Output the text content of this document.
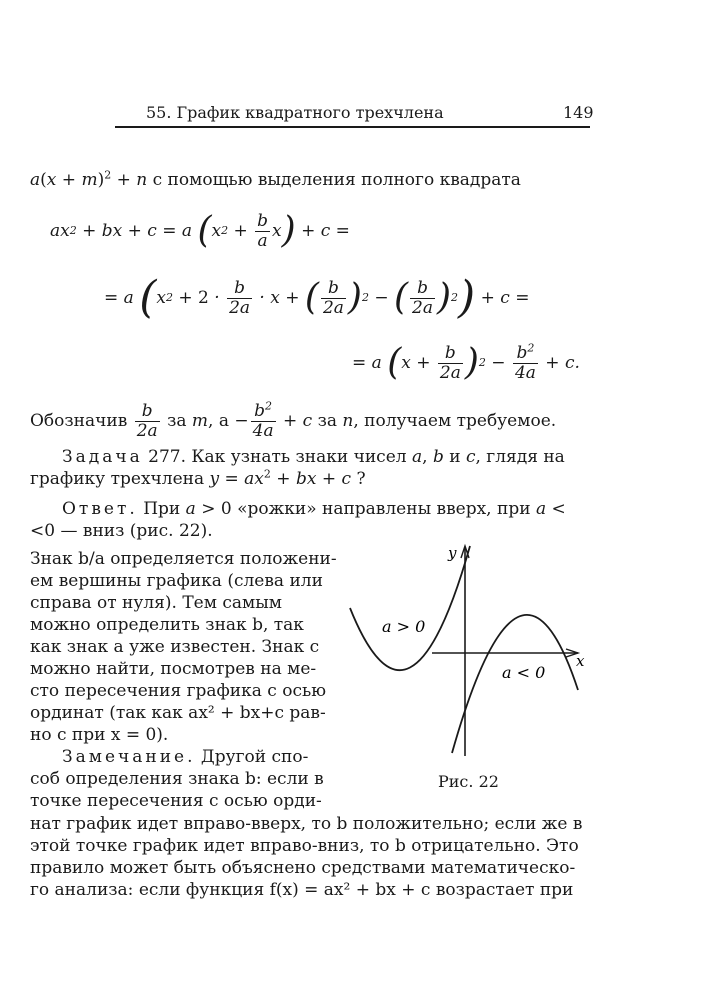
55. График квадратного трехчлена	149
$a(x + m)^2 + n$ с помощью выделения полного квадрата
ax 2 + bx + c = a ( x $2 + \frac{b}{a}$ x ) + c =
= a ( x $2 + 2 \cdot \frac{b}{2a} \cdot x$ + ( $\frac{b}{2a}$ ) 2 − ( $\frac{b}{2a}$ ) 2 ) + c =
= a ( $x + \frac{b}{2a}$ ) $2 - \frac{b^2}{4a} + c$.
Обозначив
$\frac{b}{2a}$
за
m , $а - \frac{b^2}{4a} + c$
за
n , получаем требуемое.
Задача 277. Как узнать знаки чисел a, b и c, глядя на
графику трехчлена $y = ax^2$ + bx + c ?
Ответ. При a > 0 «рожки» направлены вверх, при a <
<0 — вниз (рис. 22).
Знак b/a определяется положени-
ем вершины графика (слева или
справа от нуля). Тем самым
можно определить знак b, так
как знак a уже известен. Знак c
можно найти, посмотрев на ме-
сто пересечения графика c осью
ординат (так как ax² + bx+c рав-
но c при x = 0).
Замечание. Другой спо-
соб определения знака b: если в
точке пересечения с осью орди-
нат график идет вправо-вверх, то b положительно; если же в
этой точке график идет вправо-вниз, то b отрицательно. Это
правило может быть объяснено средствами математическо-
го анализа: если функция f(x) = ax² + bx + c возрастает при
y
x
a > 0
a < 0
Рис. 22
